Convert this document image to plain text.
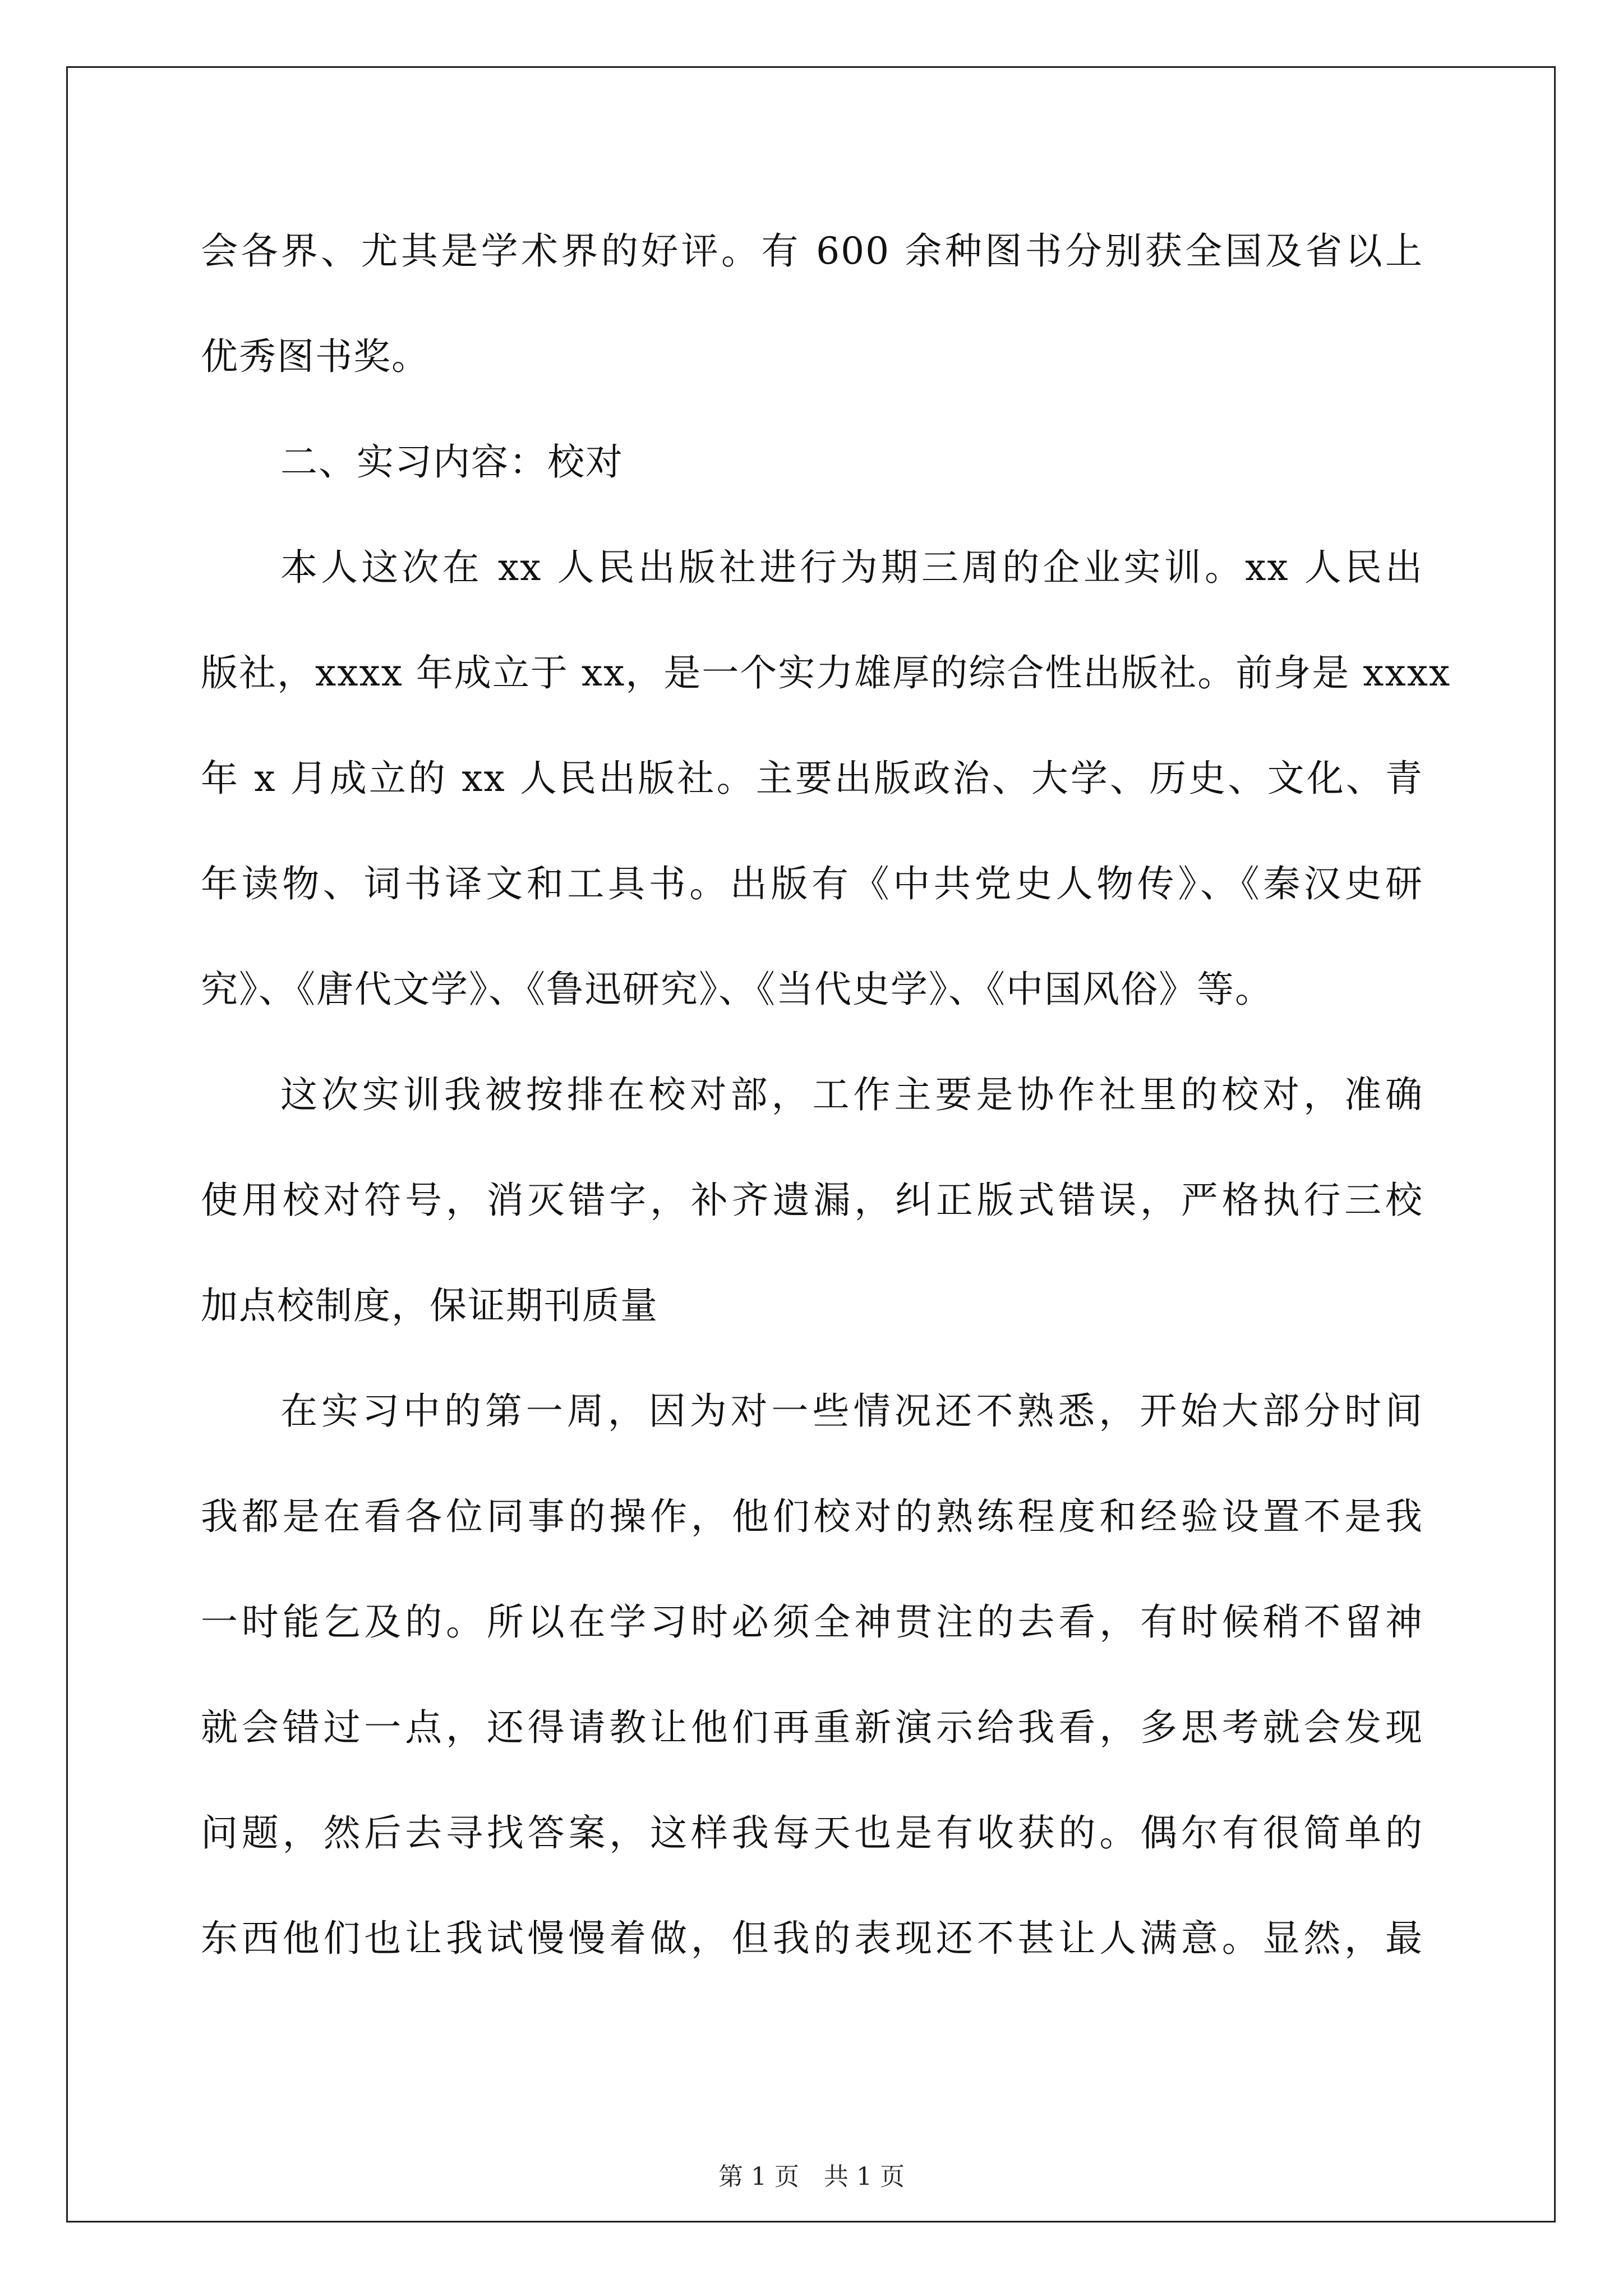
会各界、尤其是学术界的好评。有 600 余种图书分别获全国及省以上
优秀图书奖。
二、实习内容：校对
本人这次在 xx 人民出版社进行为期三周的企业实训。xx 人民出
版社，xxxx 年成立于 xx，是一个实力雄厚的综合性出版社。前身是 xxxx
年 x 月成立的 xx 人民出版社。主要出版政治、大学、历史、文化、青
年读物、词书译文和工具书。出版有《中共党史人物传》、《秦汉史研
究》、《唐代文学》、《鲁迅研究》、《当代史学》、《中国风俗》等。
这次实训我被按排在校对部，工作主要是协作社里的校对，准确
使用校对符号，消灭错字，补齐遗漏，纠正版式错误，严格执行三校
加点校制度，保证期刊质量
在实习中的第一周，因为对一些情况还不熟悉，开始大部分时间
我都是在看各位同事的操作，他们校对的熟练程度和经验设置不是我
一时能乞及的。所以在学习时必须全神贯注的去看，有时候稍不留神
就会错过一点，还得请教让他们再重新演示给我看，多思考就会发现
问题，然后去寻找答案，这样我每天也是有收获的。偶尔有很简单的
东西他们也让我试慢慢着做，但我的表现还不甚让人满意。显然，最
第 1 页　共 1 页
